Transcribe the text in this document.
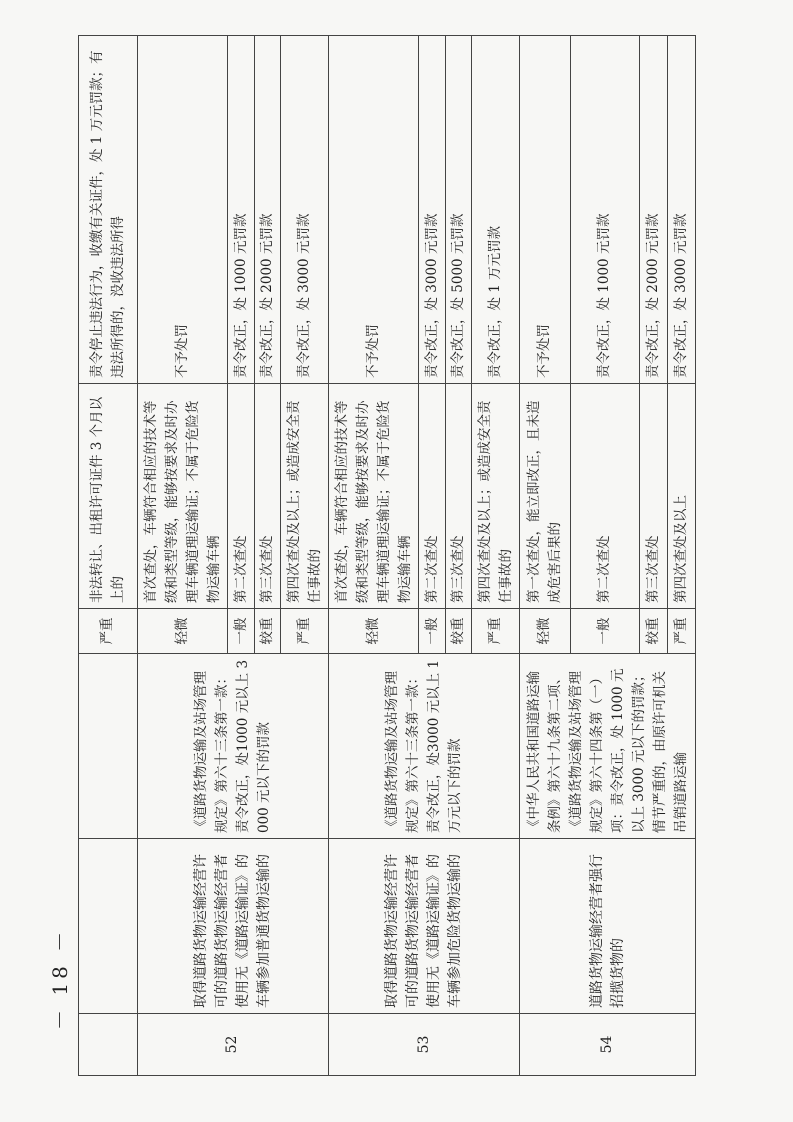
－ 18 －
			严重	非法转让、出租许可证件 3 个月以上的	责令停止违法行为，收缴有关证件，处 1 万元罚款；有违法所得的，没收违法所得
52	取得道路货物运输经营许可的道路货物运输经营者使用无《道路运输证》的车辆参加普通货物运输的	《道路货物运输及站场管理规定》第六十三条第一款：责令改正，处1000 元以上 3000 元以下的罚款	轻微	首次查处，车辆符合相应的技术等级和类型等级，能够按要求及时办理车辆道理运输证；不属于危险货物运输车辆	不予处罚
			一般	第二次查处	责令改正，处 1000 元罚款
			较重	第三次查处	责令改正，处 2000 元罚款
			严重	第四次查处及以上；或造成安全责任事故的	责令改正，处 3000 元罚款
53	取得道路货物运输经营许可的道路货物运输经营者使用无《道路运输证》的车辆参加危险货物运输的	《道路货物运输及站场管理规定》第六十三条第一款：责令改正，处3000 元以上 1 万元以下的罚款	轻微	首次查处，车辆符合相应的技术等级和类型等级，能够按要求及时办理车辆道理运输证；不属于危险货物运输车辆	不予处罚
			一般	第二次查处	责令改正，处 3000 元罚款
			较重	第三次查处	责令改正，处 5000 元罚款
			严重	第四次查处及以上；或造成安全责任事故的	责令改正，处 1 万元罚款
54	道路货物运输经营者强行招揽货物的	《中华人民共和国道路运输条例》第六十九条第二项、《道路货物运输及站场管理规定》第六十四条第（一）项：责令改正，处 1000 元以上 3000 元以下的罚款；情节严重的，由原许可机关吊销道路运输	轻微	第一次查处，能立即改正，且未造成危害后果的	不予处罚
			一般	第二次查处	责令改正，处 1000 元罚款
			较重	第三次查处	责令改正，处 2000 元罚款
			严重	第四次查处及以上	责令改正，处 3000 元罚款
